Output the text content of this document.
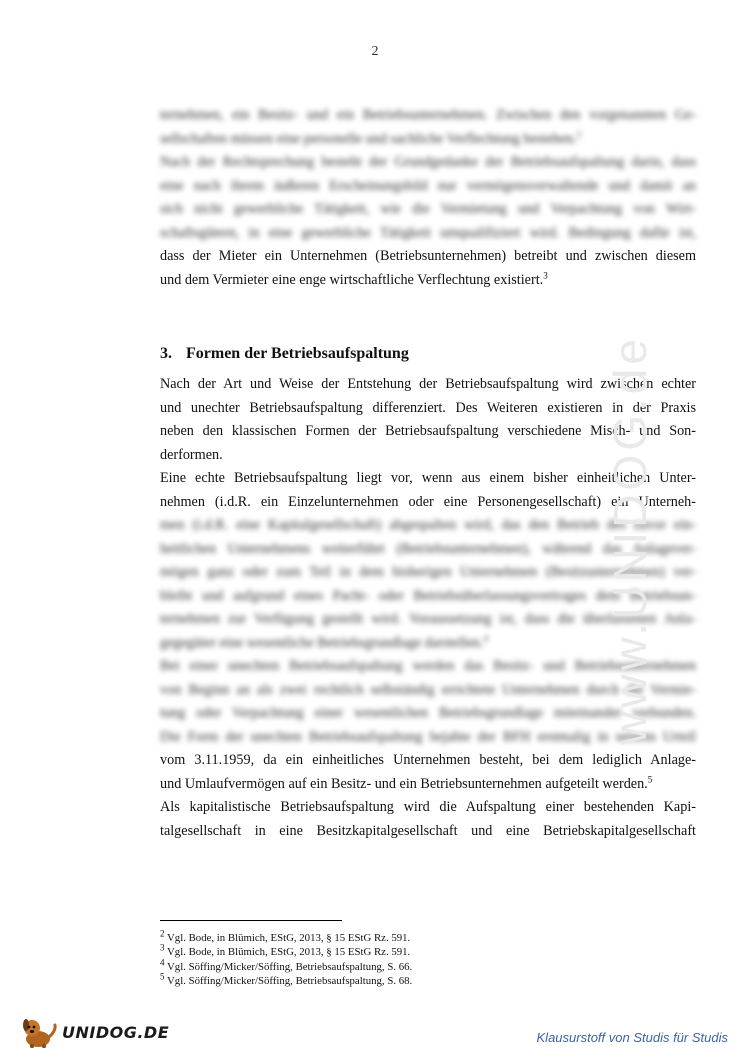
2
ternehmen, ein Besitz- und ein Betriebsunternehmen. Zwischen den vorgenannten Ge-
sellschaften müssen eine personelle und sachliche Verflechtung bestehen.$^2$
Nach der Rechtsprechung besteht der Grundgedanke der Betriebsaufspaltung darin, dass
eine nach ihrem äußeren Erscheinungsbild nur vermögensverwaltende und damit an
sich nicht gewerbliche Tätigkeit, wie die Vermietung und Verpachtung von Wirt-
schaftsgütern, in eine gewerbliche Tätigkeit umqualifiziert wird. Bedingung dafür ist,
dass der Mieter ein Unternehmen (Betriebsunternehmen) betreibt und zwischen diesem
und dem Vermieter eine enge wirtschaftliche Verflechtung existiert.$^3$
3. Formen der Betriebsaufspaltung
Nach der Art und Weise der Entstehung der Betriebsaufspaltung wird zwischen echter
und unechter Betriebsaufspaltung differenziert. Des Weiteren existieren in der Praxis
neben den klassischen Formen der Betriebsaufspaltung verschiedene Misch- und Son-
derformen.
Eine echte Betriebsaufspaltung liegt vor, wenn aus einem bisher einheitlichen Unter-
nehmen (i.d.R. ein Einzelunternehmen oder eine Personengesellschaft) ein Unterneh-
men (i.d.R. eine Kapitalgesellschaft) abgespalten wird, das den Betrieb des zuvor ein-
heitlichen Unternehmens weiterführt (Betriebsunternehmen), während das Anlagever-
mögen ganz oder zum Teil in dem bisherigen Unternehmen (Besitzunternehmen) ver-
bleibt und aufgrund eines Pacht- oder Betriebsüberlassungsvertrages dem Betriebsun-
ternehmen zur Verfügung gestellt wird. Voraussetzung ist, dass die überlassenen Anla-
gegegüter eine wesentliche Betriebsgrundlage darstellen.$^4$
Bei einer unechten Betriebsaufspaltung werden das Besitz- und Betriebsunternehmen
von Beginn an als zwei rechtlich selbständig errichtete Unternehmen durch die Vermie-
tung oder Verpachtung einer wesentlichen Betriebsgrundlage miteinander verbunden.
Die Form der unechten Betriebsaufspaltung bejahte der BFH erstmalig in seinem Urteil
vom 3.11.1959, da ein einheitliches Unternehmen besteht, bei dem lediglich Anlage-
und Umlaufvermögen auf ein Besitz- und ein Betriebsunternehmen aufgeteilt werden.$^5$
Als kapitalistische Betriebsaufspaltung wird die Aufspaltung einer bestehenden Kapi-
talgesellschaft in eine Besitzkapitalgesellschaft und eine Betriebskapitalgesellschaft
$^2$ Vgl. Bode, in Blümich, EStG, 2013, § 15 EStG Rz. 591.
$^3$ Vgl. Bode, in Blümich, EStG, 2013, § 15 EStG Rz. 591.
$^4$ Vgl. Söffing/Micker/Söffing, Betriebsaufspaltung, S. 66.
$^5$ Vgl. Söffing/Micker/Söffing, Betriebsaufspaltung, S. 68.
www.UNIDOG.de
UNIDOG.DE	Klausurstoff von Studis für Studis
